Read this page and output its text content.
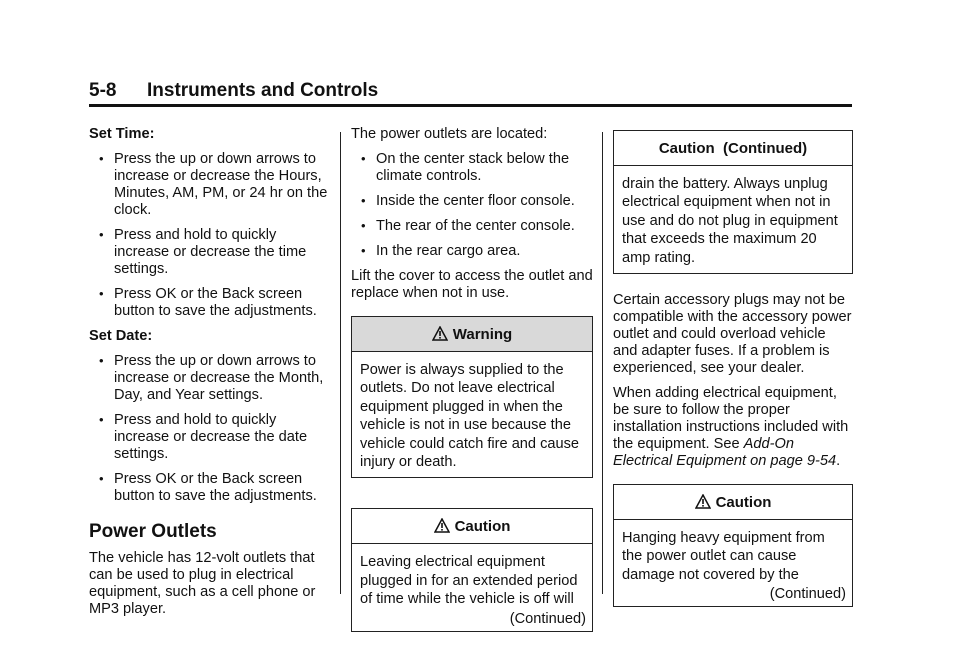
5-8 Instruments and Controls

Set Time:

• Press the up or down arrows to increase or decrease the Hours, Minutes, AM, PM, or 24 hr on the clock.
• Press and hold to quickly increase or decrease the time settings.
• Press OK or the Back screen button to save the adjustments.

Set Date:

• Press the up or down arrows to increase or decrease the Month, Day, and Year settings.
• Press and hold to quickly increase or decrease the date settings.
• Press OK or the Back screen button to save the adjustments.
Power Outlets

The vehicle has 12-volt outlets that can be used to plug in electrical equipment, such as a cell phone or MP3 player.

The power outlets are located:

• On the center stack below the climate controls.
• Inside the center floor console.
• The rear of the center console.
• In the rear cargo area.

Lift the cover to access the outlet and replace when not in use.

Warning
Power is always supplied to the outlets. Do not leave electrical equipment plugged in when the vehicle is not in use because the vehicle could catch fire and cause injury or death.
Caution
Leaving electrical equipment plugged in for an extended period of time while the vehicle is off will
(Continued)
Caution  (Continued)
drain the battery. Always unplug electrical equipment when not in use and do not plug in equipment that exceeds the maximum 20 amp rating.

Certain accessory plugs may not be compatible with the accessory power outlet and could overload vehicle and adapter fuses. If a problem is experienced, see your dealer.

When adding electrical equipment, be sure to follow the proper installation instructions included with the equipment. See Add-On Electrical Equipment on page 9-54.

Caution
Hanging heavy equipment from the power outlet can cause damage not covered by the
(Continued)
